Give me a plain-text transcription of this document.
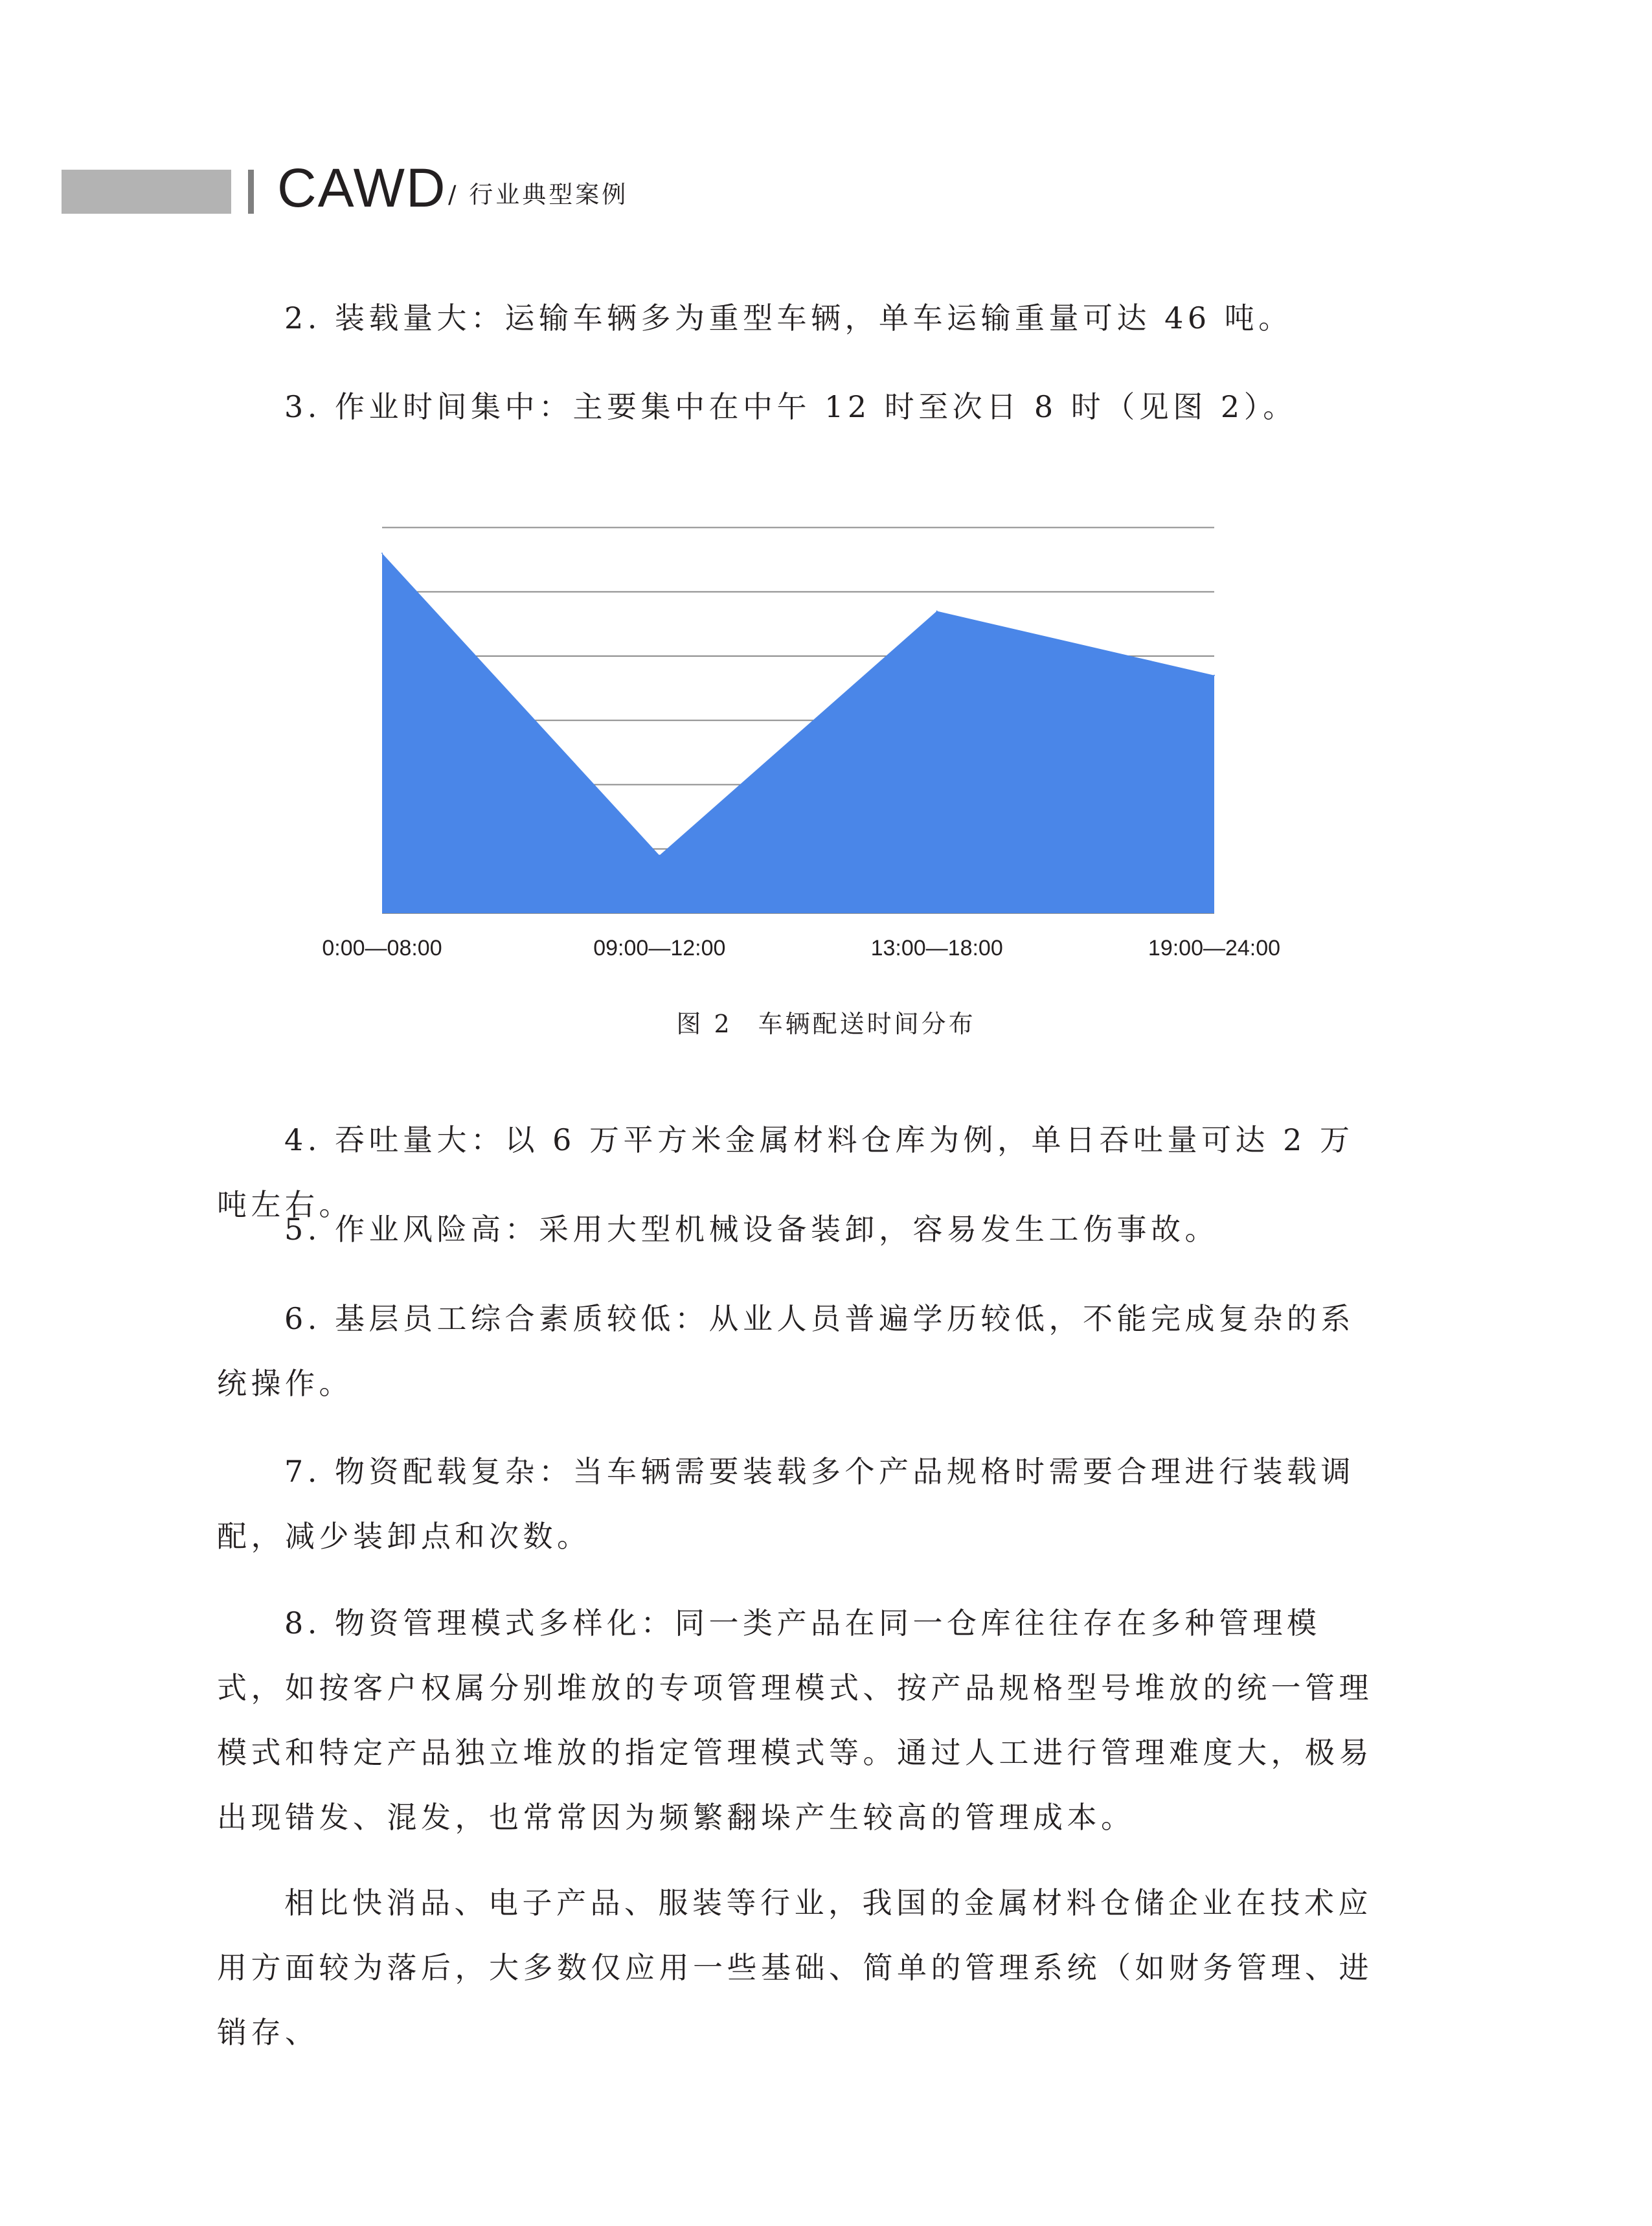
CAWD / 行业典型案例

2. 装载量大：运输车辆多为重型车辆，单车运输重量可达 46 吨。

3. 作业时间集中：主要集中在中午 12 时至次日 8 时（见图 2）。

0:00—08:00	09:00—12:00	13:00—18:00	19:00—24:00
图 2 车辆配送时间分布

4. 吞吐量大：以 6 万平方米金属材料仓库为例，单日吞吐量可达 2 万吨左右。

5. 作业风险高：采用大型机械设备装卸，容易发生工伤事故。

6. 基层员工综合素质较低：从业人员普遍学历较低，不能完成复杂的系统操作。

7. 物资配载复杂：当车辆需要装载多个产品规格时需要合理进行装载调配，减少装卸点和次数。

8. 物资管理模式多样化：同一类产品在同一仓库往往存在多种管理模式，如按客户权属分别堆放的专项管理模式、按产品规格型号堆放的统一管理模式和特定产品独立堆放的指定管理模式等。通过人工进行管理难度大，极易出现错发、混发，也常常因为频繁翻垛产生较高的管理成本。

相比快消品、电子产品、服装等行业，我国的金属材料仓储企业在技术应用方面较为落后，大多数仅应用一些基础、简单的管理系统（如财务管理、进销存、
